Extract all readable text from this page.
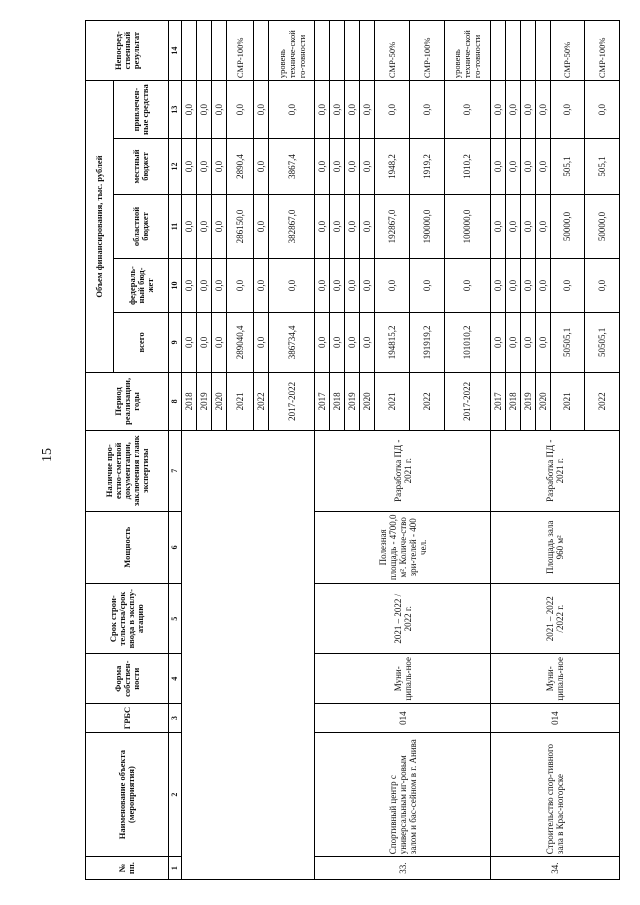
15
№ пп.	Наименование объекта (мероприятия)	ГРБС	Форма собствен-ности	Срок строи-тельства/срок ввода в эксплу-атацию	Мощность	Наличие про-ектно-сметной документации, заключения гланк экспертизы	Период реализации, годы	Объем финансирования, тыс. рублей					Непосред-ственный результат
								всего	федераль-ный бюд-жет	областной бюджет	местный бюджет	привлечен-ные средства	
1	2	3	4	5	6	7	8	9	10	11	12	13	14
							2018	0,0	0,0	0,0	0,0	0,0	
							2019	0,0	0,0	0,0	0,0	0,0	
							2020	0,0	0,0	0,0	0,0	0,0	
							2021	289040,4	0,0	286150,0	2890,4	0,0	СМР-100%
							2022	0,0	0,0	0,0	0,0	0,0	
							2017-2022	386734,4	0,0	382867,0	3867,4	0,0	уровень техниче-ской го-товности
33.	Спортивный центр с универсальным иг-ровым залом и бас-сейном в г. Анива	014	Муни-ципаль-ное	2021 – 2022 / 2022 г.	Полезная площадь - 4700,0 м². Количе-ство зри-телей - 400 чел.	Разработка ПД - 2021 г.	2017	0,0	0,0	0,0	0,0	0,0	
							2018	0,0	0,0	0,0	0,0	0,0	
							2019	0,0	0,0	0,0	0,0	0,0	
							2020	0,0	0,0	0,0	0,0	0,0	
							2021	194815,2	0,0	192867,0	1948,2	0,0	СМР-50%
							2022	191919,2	0,0	190000,0	1919,2	0,0	СМР-100%
							2017-2022	101010,2	0,0	100000,0	1010,2	0,0	уровень техниче-ской го-товности
34.	Строительство спор-тивного зала в Крас-ногорске	014	Муни-ципаль-ное	2021 – 2022 /2022 г.	Площадь зала 960 м²	Разработка ПД - 2021 г.	2017	0,0	0,0	0,0	0,0	0,0	
							2018	0,0	0,0	0,0	0,0	0,0	
							2019	0,0	0,0	0,0	0,0	0,0	
							2020	0,0	0,0	0,0	0,0	0,0	
							2021	50505,1	0,0	50000,0	505,1	0,0	СМР-50%
							2022	50505,1	0,0	50000,0	505,1	0,0	СМР-100%
